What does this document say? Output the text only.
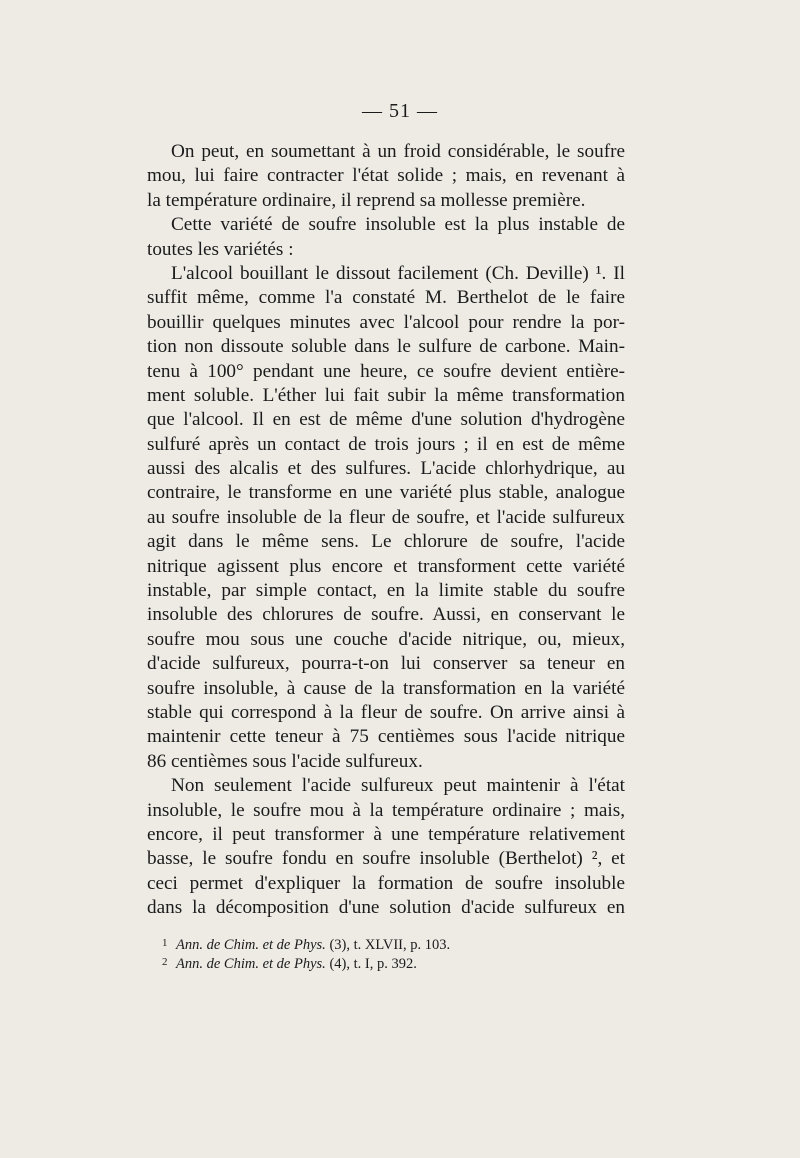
— 51 —
On peut, en soumettant à un froid considérable, le soufre
mou, lui faire contracter l'état solide ; mais, en revenant à
la température ordinaire, il reprend sa mollesse première.
Cette variété de soufre insoluble est la plus instable de
toutes les variétés :
L'alcool bouillant le dissout facilement (Ch. Deville) ¹. Il
suffit même, comme l'a constaté M. Berthelot de le faire
bouillir quelques minutes avec l'alcool pour rendre la por-
tion non dissoute soluble dans le sulfure de carbone. Main-
tenu à 100° pendant une heure, ce soufre devient entière-
ment soluble. L'éther lui fait subir la même transformation
que l'alcool. Il en est de même d'une solution d'hydrogène
sulfuré après un contact de trois jours ; il en est de même
aussi des alcalis et des sulfures. L'acide chlorhydrique, au
contraire, le transforme en une variété plus stable, analogue
au soufre insoluble de la fleur de soufre, et l'acide sulfureux
agit dans le même sens. Le chlorure de soufre, l'acide
nitrique agissent plus encore et transforment cette variété
instable, par simple contact, en la limite stable du soufre
insoluble des chlorures de soufre. Aussi, en conservant le
soufre mou sous une couche d'acide nitrique, ou, mieux,
d'acide sulfureux, pourra-t-on lui conserver sa teneur en
soufre insoluble, à cause de la transformation en la variété
stable qui correspond à la fleur de soufre. On arrive ainsi à
maintenir cette teneur à 75 centièmes sous l'acide nitrique
86 centièmes sous l'acide sulfureux.
Non seulement l'acide sulfureux peut maintenir à l'état
insoluble, le soufre mou à la température ordinaire ; mais,
encore, il peut transformer à une température relativement
basse, le soufre fondu en soufre insoluble (Berthelot) ², et
ceci permet d'expliquer la formation de soufre insoluble
dans la décomposition d'une solution d'acide sulfureux en
1 Ann. de Chim. et de Phys. (3), t. XLVII, p. 103.
2 Ann. de Chim. et de Phys. (4), t. I, p. 392.
